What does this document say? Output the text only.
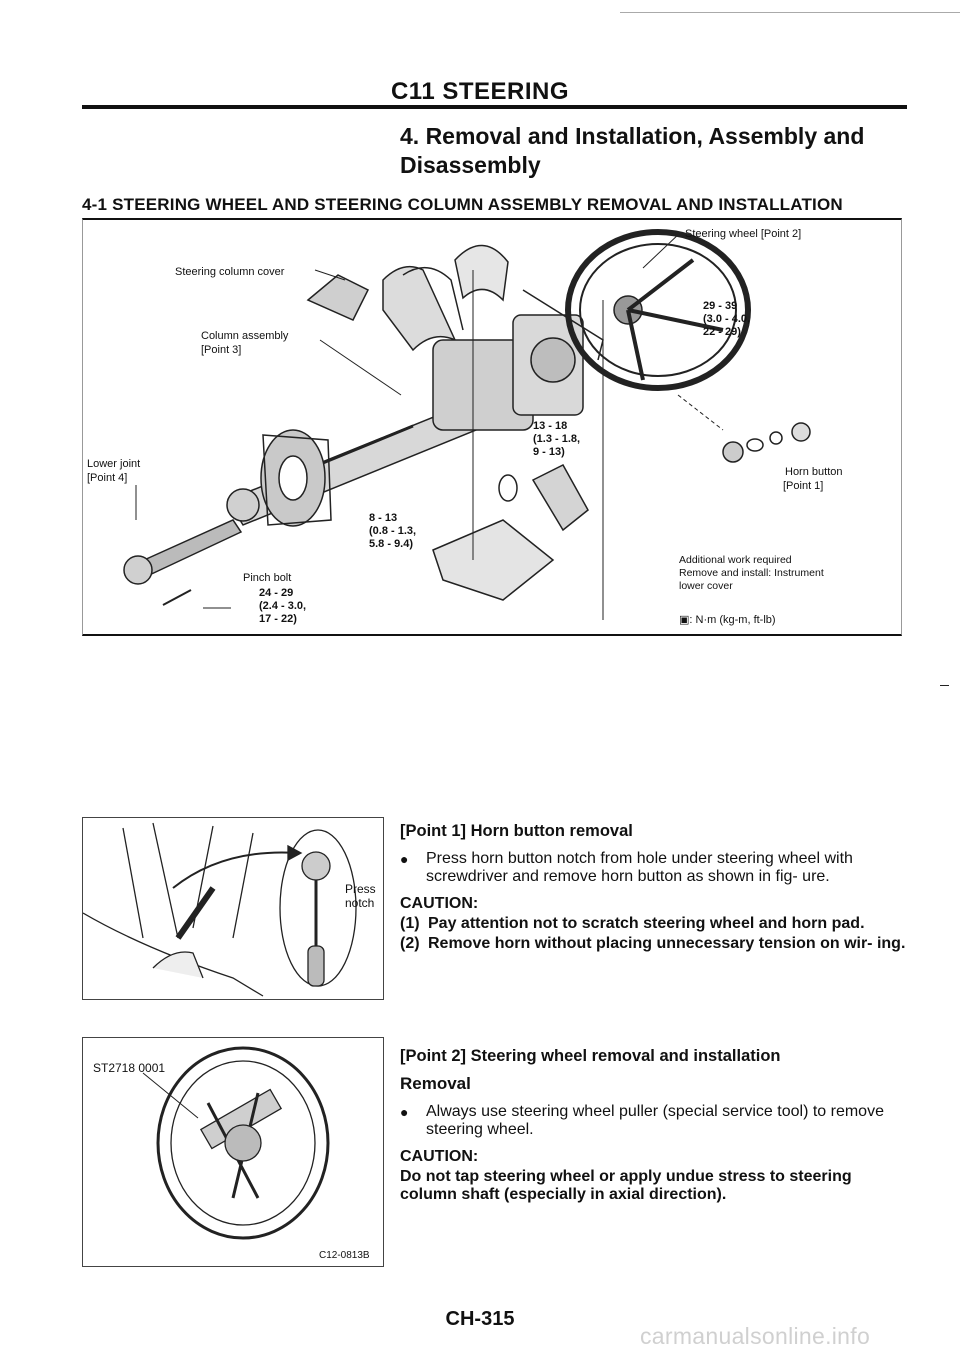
C11 STEERING
4. Removal and Installation, Assembly and
Disassembly
4-1 STEERING WHEEL AND STEERING COLUMN ASSEMBLY REMOVAL AND INSTALLATION
Steering column cover
Column assembly
[Point 3]
Lower joint
[Point 4]
Pinch bolt
Steering wheel [Point 2]
Horn button
[Point 1]
Additional work required
Remove and install: Instrument
lower cover
▣: N·m (kg-m, ft-lb)
29 - 39
(3.0 - 4.0,
22 - 29)
13 - 18
(1.3 - 1.8,
9 - 13)
8 - 13
(0.8 - 1.3,
5.8 - 9.4)
24 - 29
(2.4 - 3.0,
17 - 22)
Press
notch
ST2718 0001
C12-0813B
[Point 1] Horn button removal
●	Press horn button notch from hole under steering wheel with screwdriver and remove horn button as shown in fig- ure.
CAUTION:
(1) Pay attention not to scratch steering wheel and horn pad.
(2) Remove horn without placing unnecessary tension on wir- ing.
[Point 2] Steering wheel removal and installation
Removal
●	Always use steering wheel puller (special service tool) to remove steering wheel.
CAUTION:
Do not tap steering wheel or apply undue stress to steering column shaft (especially in axial direction).
CH-315
carmanualsonline.info
